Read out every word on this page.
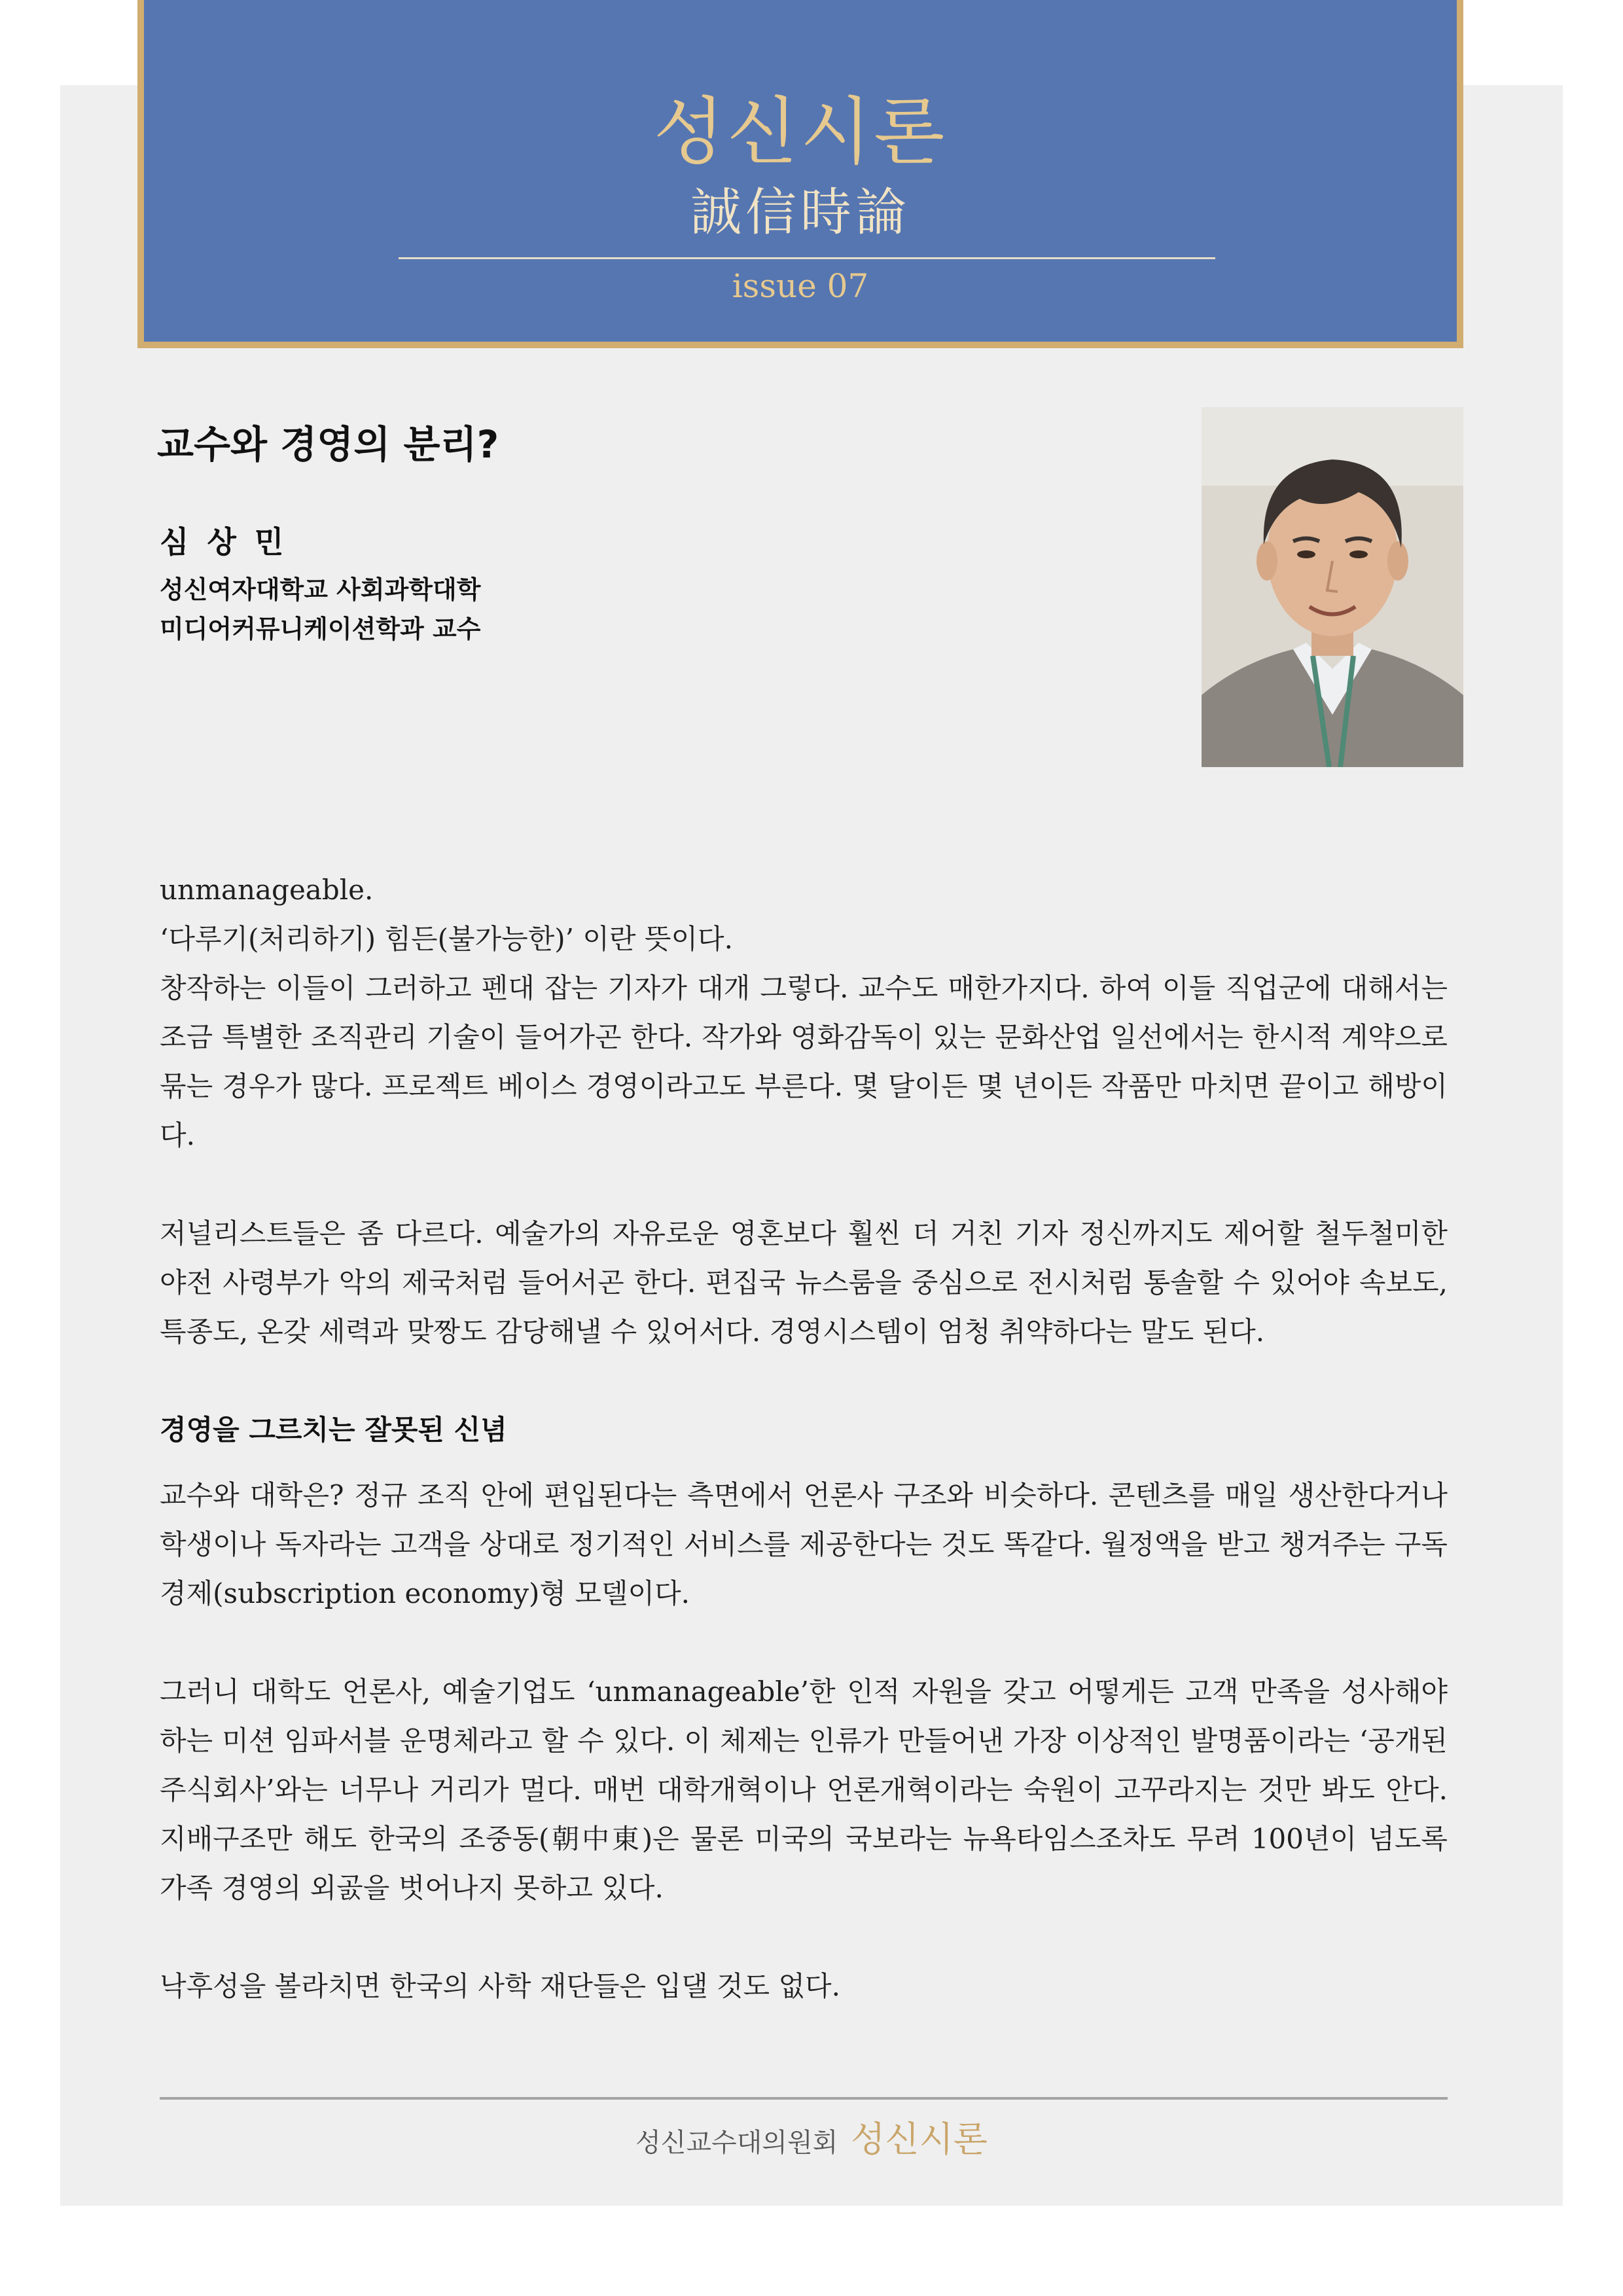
성신시론
誠信時論
issue 07
교수와 경영의 분리?
심 상 민
성신여자대학교 사회과학대학
미디어커뮤니케이션학과 교수

unmanageable.

‘다루기(처리하기) 힘든(불가능한)’ 이란 뜻이다.

창작하는 이들이 그러하고 펜대 잡는 기자가 대개 그렇다. 교수도 매한가지다. 하여 이들 직업군에 대해서는 조금 특별한 조직관리 기술이 들어가곤 한다. 작가와 영화감독이 있는 문화산업 일선에서는 한시적 계약으로 묶는 경우가 많다. 프로젝트 베이스 경영이라고도 부른다. 몇 달이든 몇 년이든 작품만 마치면 끝이고 해방이다.

저널리스트들은 좀 다르다. 예술가의 자유로운 영혼보다 훨씬 더 거친 기자 정신까지도 제어할 철두철미한 야전 사령부가 악의 제국처럼 들어서곤 한다. 편집국 뉴스룸을 중심으로 전시처럼 통솔할 수 있어야 속보도, 특종도, 온갖 세력과 맞짱도 감당해낼 수 있어서다. 경영시스템이 엄청 취약하다는 말도 된다.

경영을 그르치는 잘못된 신념

교수와 대학은? 정규 조직 안에 편입된다는 측면에서 언론사 구조와 비슷하다. 콘텐츠를 매일 생산한다거나 학생이나 독자라는 고객을 상대로 정기적인 서비스를 제공한다는 것도 똑같다. 월정액을 받고 챙겨주는 구독 경제(subscription economy)형 모델이다.

그러니 대학도 언론사, 예술기업도 ‘unmanageable’한 인적 자원을 갖고 어떻게든 고객 만족을 성사해야 하는 미션 임파서블 운명체라고 할 수 있다. 이 체제는 인류가 만들어낸 가장 이상적인 발명품이라는 ‘공개된 주식회사’와는 너무나 거리가 멀다. 매번 대학개혁이나 언론개혁이라는 숙원이 고꾸라지는 것만 봐도 안다. 지배구조만 해도 한국의 조중동(朝中東)은 물론 미국의 국보라는 뉴욕타임스조차도 무려 100년이 넘도록 가족 경영의 외곬을 벗어나지 못하고 있다.

낙후성을 볼라치면 한국의 사학 재단들은 입댈 것도 없다.

성신교수대의원회 성신시론
